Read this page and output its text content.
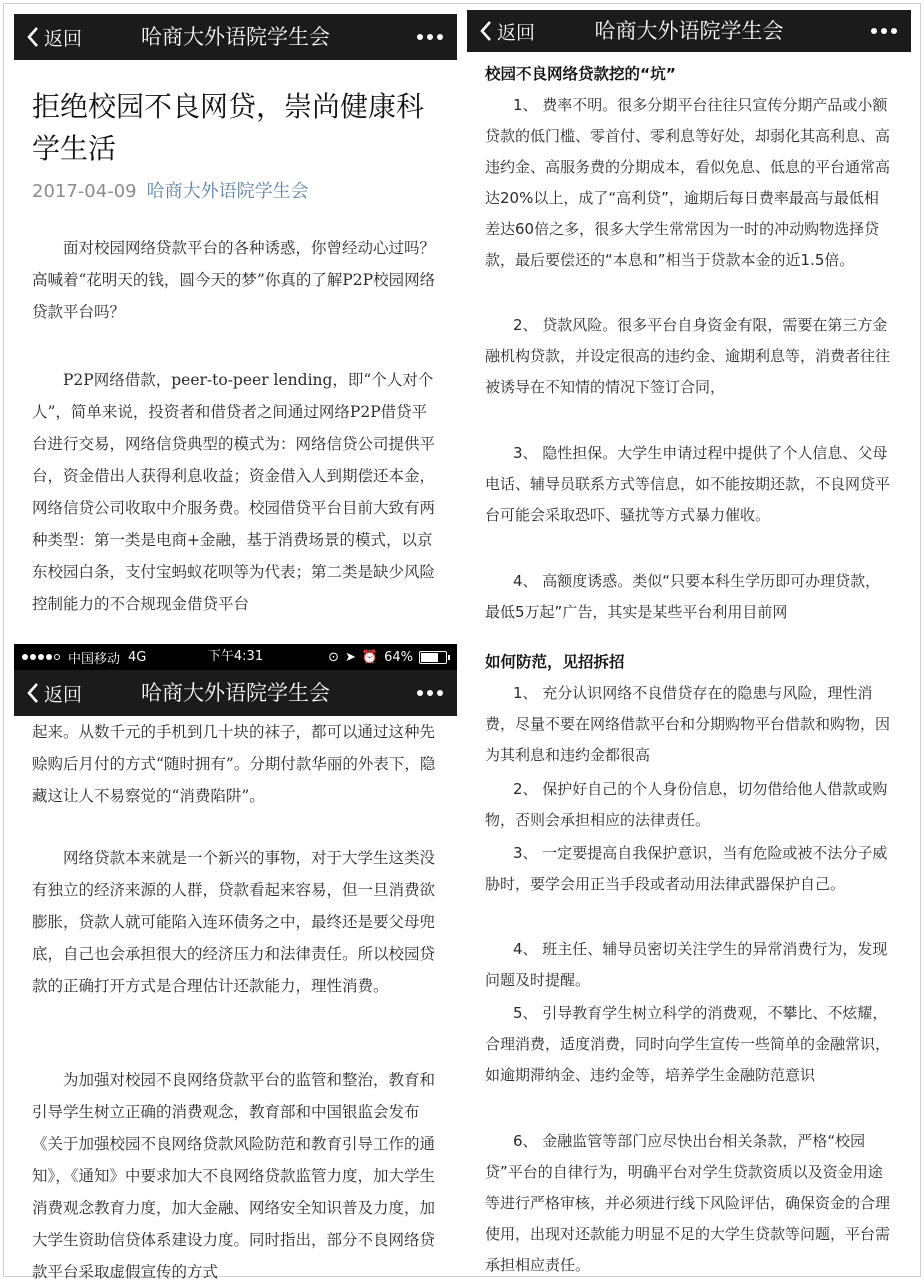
返回	哈商大外语院学生会
拒绝校园不良网贷，崇尚健康科学生活
2017-04-09 哈商大外语院学生会

面对校园网络贷款平台的各种诱惑，你曾经动心过吗？高喊着“花明天的钱，圆今天的梦”你真的了解P2P校园网络贷款平台吗？

P2P网络借款，peer-to-peer lending，即“个人对个人”，简单来说，投资者和借贷者之间通过网络P2P借贷平台进行交易，网络信贷典型的模式为：网络信贷公司提供平台，资金借出人获得利息收益；资金借入人到期偿还本金，网络信贷公司收取中介服务费。校园借贷平台目前大致有两种类型：第一类是电商+金融，基于消费场景的模式，以京东校园白条，支付宝蚂蚁花呗等为代表；第二类是缺少风险控制能力的不合规现金借贷平台

中国移动 4G	下午4:31	⊙ ➤ ⏰ 64%
返回	哈商大外语院学生会

起来。从数千元的手机到几十块的袜子，都可以通过这种先赊购后月付的方式“随时拥有”。分期付款华丽的外表下，隐藏这让人不易察觉的“消费陷阱”。

网络贷款本来就是一个新兴的事物，对于大学生这类没有独立的经济来源的人群，贷款看起来容易，但一旦消费欲膨胀，贷款人就可能陷入连环债务之中，最终还是要父母兜底，自己也会承担很大的经济压力和法律责任。所以校园贷款的正确打开方式是合理估计还款能力，理性消费。

为加强对校园不良网络贷款平台的监管和整治，教育和引导学生树立正确的消费观念，教育部和中国银监会发布《关于加强校园不良网络贷款风险防范和教育引导工作的通知》，《通知》中要求加大不良网络贷款监管力度，加大学生消费观念教育力度，加大金融、网络安全知识普及力度，加大学生资助信贷体系建设力度。同时指出，部分不良网络贷款平台采取虚假宣传的方式

返回	哈商大外语院学生会
校园不良网络贷款挖的“坑”

1、 费率不明。很多分期平台往往只宣传分期产品或小额贷款的低门槛、零首付、零利息等好处，却弱化其高利息、高违约金、高服务费的分期成本，看似免息、低息的平台通常高达20%以上，成了“高利贷”，逾期后每日费率最高与最低相差达60倍之多，很多大学生常常因为一时的冲动购物选择贷款，最后要偿还的“本息和”相当于贷款本金的近1.5倍。

2、 贷款风险。很多平台自身资金有限，需要在第三方金融机构贷款，并设定很高的违约金、逾期利息等，消费者往往被诱导在不知情的情况下签订合同，

3、 隐性担保。大学生申请过程中提供了个人信息、父母电话、辅导员联系方式等信息，如不能按期还款，不良网贷平台可能会采取恐吓、骚扰等方式暴力催收。

4、 高额度诱惑。类似“只要本科生学历即可办理贷款，最低5万起”广告，其实是某些平台利用目前网

如何防范，见招拆招

1、 充分认识网络不良借贷存在的隐患与风险，理性消费，尽量不要在网络借款平台和分期购物平台借款和购物，因为其利息和违约金都很高

2、 保护好自己的个人身份信息，切勿借给他人借款或购物，否则会承担相应的法律责任。

3、 一定要提高自我保护意识，当有危险或被不法分子威胁时，要学会用正当手段或者动用法律武器保护自己。

4、 班主任、辅导员密切关注学生的异常消费行为，发现问题及时提醒。

5、 引导教育学生树立科学的消费观，不攀比、不炫耀，合理消费，适度消费，同时向学生宣传一些简单的金融常识，如逾期滞纳金、违约金等，培养学生金融防范意识

6、 金融监管等部门应尽快出台相关条款，严格“校园贷”平台的自律行为，明确平台对学生贷款资质以及资金用途等进行严格审核，并必须进行线下风险评估，确保资金的合理使用，出现对还款能力明显不足的大学生贷款等问题，平台需承担相应责任。
